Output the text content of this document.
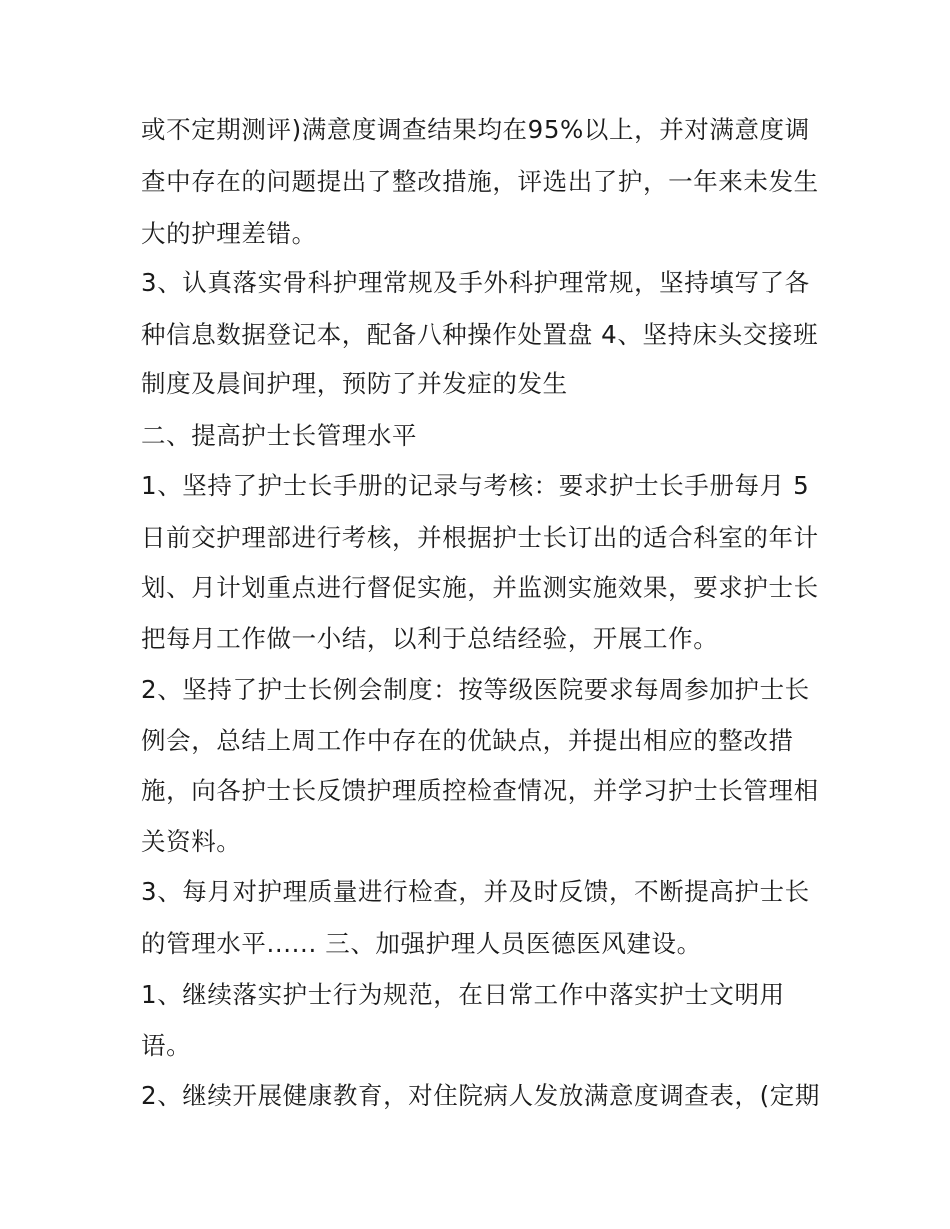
或不定期测评)满意度调查结果均在95%以上，并对满意度调
查中存在的问题提出了整改措施，评选出了护，一年来未发生
大的护理差错。
3、认真落实骨科护理常规及手外科护理常规，坚持填写了各
种信息数据登记本，配备八种操作处置盘 4、坚持床头交接班
制度及晨间护理，预防了并发症的发生
二、提高护士长管理水平
1、坚持了护士长手册的记录与考核：要求护士长手册每月 5
日前交护理部进行考核，并根据护士长订出的适合科室的年计
划、月计划重点进行督促实施，并监测实施效果，要求护士长
把每月工作做一小结，以利于总结经验，开展工作。
2、坚持了护士长例会制度：按等级医院要求每周参加护士长
例会，总结上周工作中存在的优缺点，并提出相应的整改措
施，向各护士长反馈护理质控检查情况，并学习护士长管理相
关资料。
3、每月对护理质量进行检查，并及时反馈，不断提高护士长
的管理水平...... 三、加强护理人员医德医风建设。
1、继续落实护士行为规范，在日常工作中落实护士文明用
语。
2、继续开展健康教育，对住院病人发放满意度调查表，(定期
